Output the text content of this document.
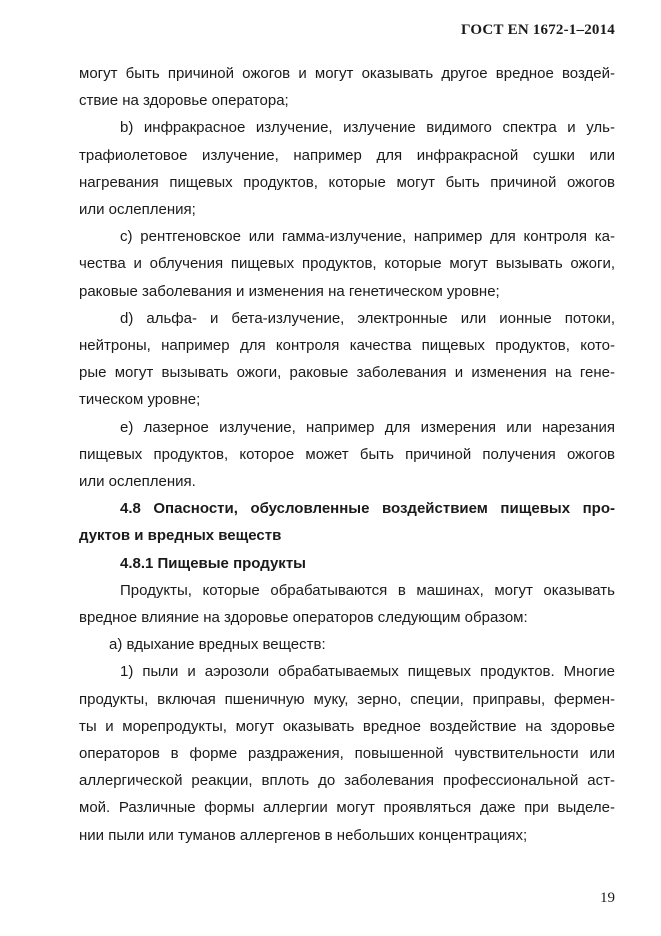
ГОСТ EN 1672-1–2014
могут быть причиной ожогов и могут оказывать другое вредное воздей-
ствие на здоровье оператора;
b) инфракрасное излучение, излучение видимого спектра и уль-
трафиолетовое излучение, например для инфракрасной сушки или
нагревания пищевых продуктов, которые могут быть причиной ожогов
или ослепления;
c) рентгеновское или гамма-излучение, например для контроля ка-
чества и облучения пищевых продуктов, которые могут вызывать ожоги,
раковые заболевания и изменения на генетическом уровне;
d) альфа- и бета-излучение, электронные или ионные потоки,
нейтроны, например для контроля качества пищевых продуктов, кото-
рые могут вызывать ожоги, раковые заболевания и изменения на гене-
тическом уровне;
e) лазерное излучение, например для измерения или нарезания
пищевых продуктов, которое может быть причиной получения ожогов
или ослепления.
4.8 Опасности, обусловленные воздействием пищевых про-
дуктов и вредных веществ
4.8.1 Пищевые продукты
Продукты, которые обрабатываются в машинах, могут оказывать
вредное влияние на здоровье операторов следующим образом:
a) вдыхание вредных веществ:
1) пыли и аэрозоли обрабатываемых пищевых продуктов. Многие
продукты, включая пшеничную муку, зерно, специи, приправы, фермен-
ты и морепродукты, могут оказывать вредное воздействие на здоровье
операторов в форме раздражения, повышенной чувствительности или
аллергической реакции, вплоть до заболевания профессиональной аст-
мой. Различные формы аллергии могут проявляться даже при выделе-
нии пыли или туманов аллергенов в небольших концентрациях;
19
